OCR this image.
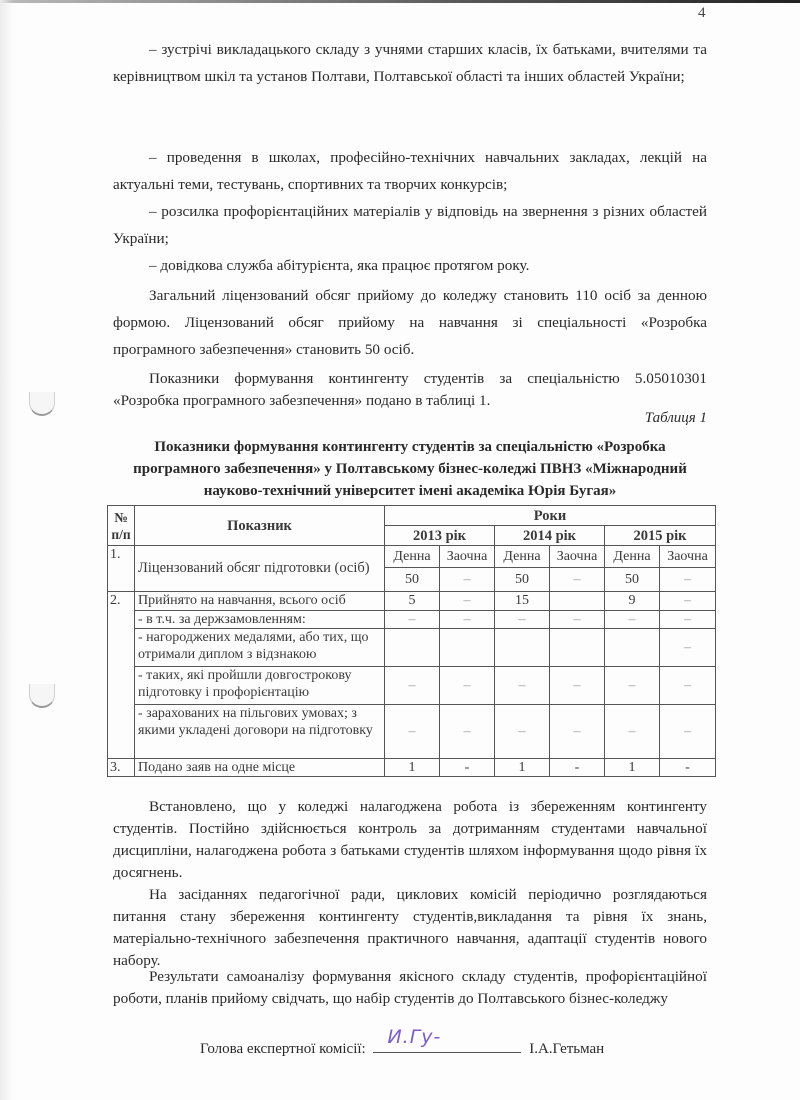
4
– зустрічі викладацького складу з учнями старших класів, їх батьками, вчителями та керівництвом шкіл та установ Полтави, Полтавської області та інших областей України;
– проведення в школах, професійно-технічних навчальних закладах, лекцій на актуальні теми, тестувань, спортивних та творчих конкурсів;
– розсилка профорієнтаційних матеріалів у відповідь на звернення з різних областей України;
– довідкова служба абітурієнта, яка працює протягом року.
Загальний ліцензований обсяг прийому до коледжу становить 110 осіб за денною формою. Ліцензований обсяг прийому на навчання зі спеціальності «Розробка програмного забезпечення» становить 50 осіб.
Показники формування контингенту студентів за спеціальністю 5.05010301 «Розробка програмного забезпечення» подано в таблиці 1.
Таблиця 1
Показники формування контингенту студентів за спеціальністю «Розробка програмного забезпечення» у Полтавському бізнес-коледжі ПВНЗ «Міжнародний науково-технічний університет імені академіка Юрія Бугая»
№ п/п	Показник	Роки					
		2013 рік		2014 рік		2015 рік	
1.	Ліцензований обсяг підготовки (осіб)	Денна	Заочна	Денна	Заочна	Денна	Заочна
		50	–	50	–	50	–
2.	Прийнято на навчання, всього осіб	5	–	15		9	–
	- в т.ч. за держзамовленням:	–	–	–	–	–	–
	- нагороджених медалями, або тих, що отримали диплом з відзнакою						–
	- таких, які пройшли довгострокову підготовку і профорієнтацію	–	–	–	–	–	–
	- зарахованих на пільгових умовах; з якими укладені договори на підготовку	–	–	–	–	–	–
3.	Подано заяв на одне місце	1	-	1	-	1	-
Встановлено, що у коледжі налагоджена робота із збереженням контингенту студентів. Постійно здійснюється контроль за дотриманням студентами навчальної дисципліни, налагоджена робота з батьками студентів шляхом інформування щодо рівня їх досягнень.
На засіданнях педагогічної ради, циклових комісій періодично розглядаються питання стану збереження контингенту студентів,викладання та рівня їх знань, матеріально-технічного забезпечення практичного навчання, адаптації студентів нового набору.
Результати самоаналізу формування якісного складу студентів, профорієнтаційної роботи, планів прийому свідчать, що набір студентів до Полтавського бізнес-коледжу
Голова експертної комісії:
И.Гу-
І.А.Гетьман
